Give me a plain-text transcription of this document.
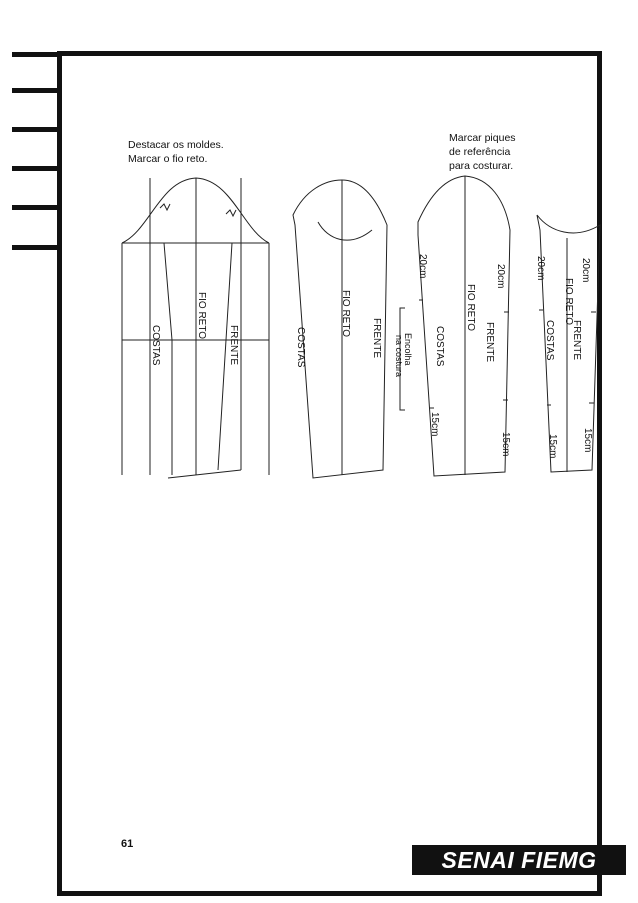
Destacar os moldes.
Marcar o fio reto.
Marcar piques
de referência
para costurar.
COSTAS
FIO RETO
FRENTE	COSTAS
FIO RETO
FRENTE
20cm
FIO RETO
COSTAS	FRENTE
20cm
Encolha
na costura
15cm
15cm
20cm	20cm
FIO RETO
COSTAS FRENTE
15cm 15cm
61
SENAI FIEMG
